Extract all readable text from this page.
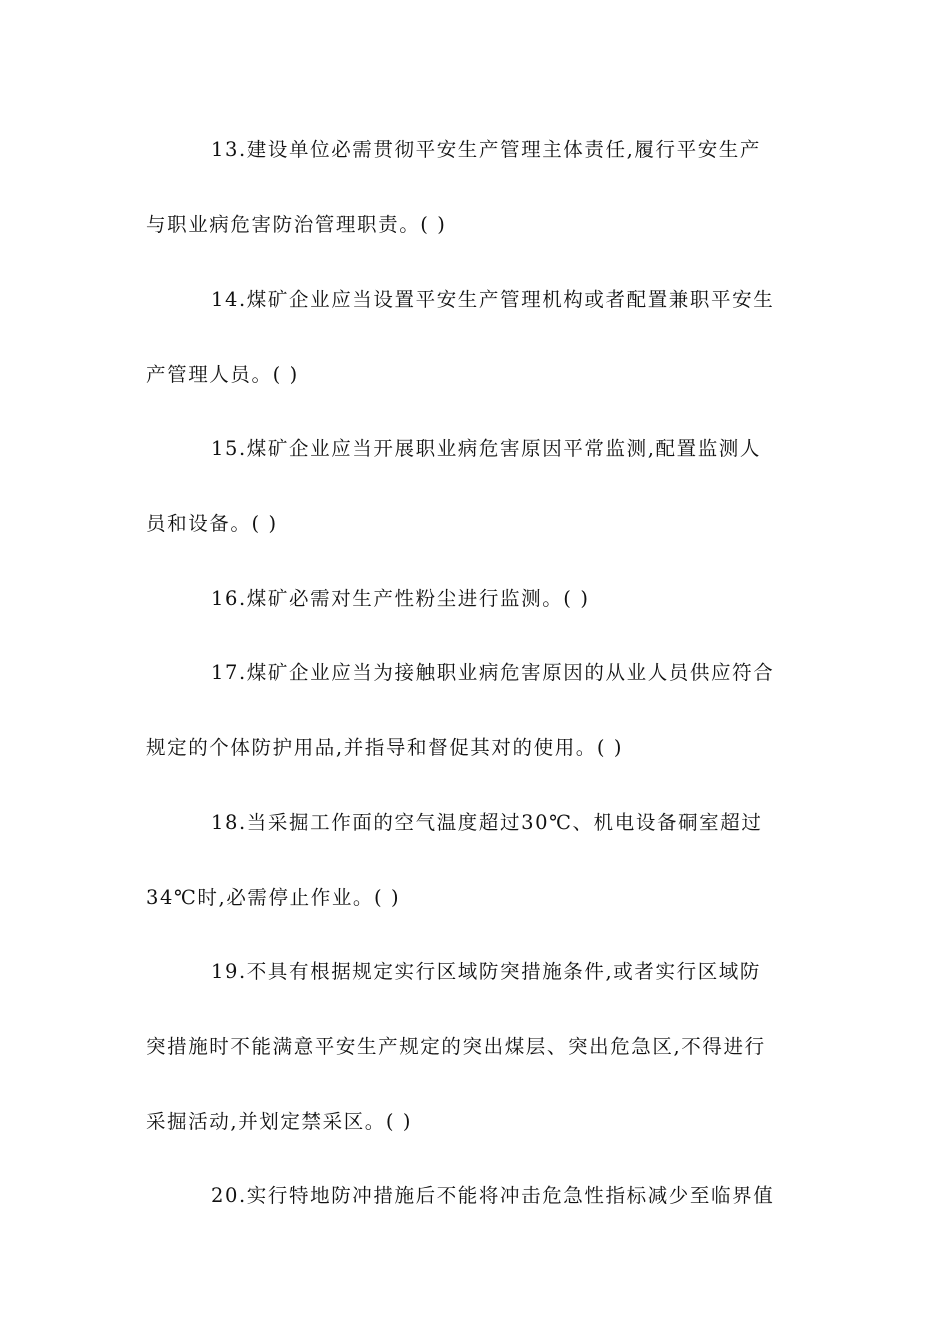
13.建设单位必需贯彻平安生产管理主体责任,履行平安生产
与职业病危害防治管理职责。( )
14.煤矿企业应当设置平安生产管理机构或者配置兼职平安生
产管理人员。( )
15.煤矿企业应当开展职业病危害原因平常监测,配置监测人
员和设备。( )
16.煤矿必需对生产性粉尘进行监测。( )
17.煤矿企业应当为接触职业病危害原因的从业人员供应符合
规定的个体防护用品,并指导和督促其对的使用。( )
18.当采掘工作面的空气温度超过30℃、机电设备硐室超过
34℃时,必需停止作业。( )
19.不具有根据规定实行区域防突措施条件,或者实行区域防
突措施时不能满意平安生产规定的突出煤层、突出危急区,不得进行
采掘活动,并划定禁采区。( )
20.实行特地防冲措施后不能将冲击危急性指标减少至临界值
